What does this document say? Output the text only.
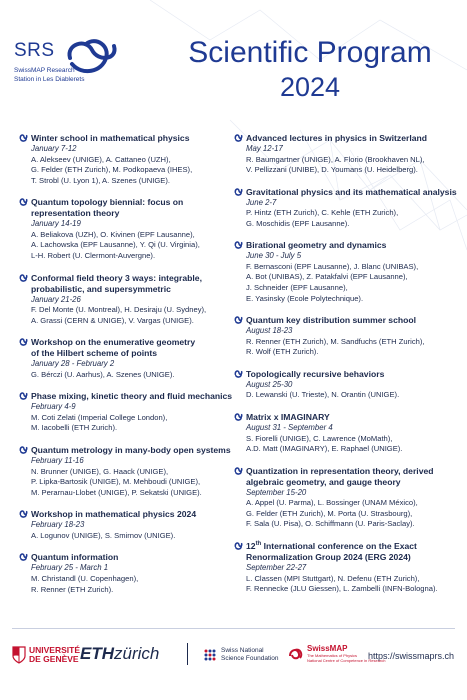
SRS
SwissMAP Research
Station in Les Diablerets
Scientific Program
2024
Winter school in mathematical physics
January 7-12
A. Alekseev (UNIGE), A. Cattaneo (UZH),
G. Felder (ETH Zurich), M. Podkopaeva (IHES),
T. Strobl (U. Lyon 1), A. Szenes (UNIGE).
Quantum topology biennial: focus on
representation theory
January 14-19
A. Beliakova (UZH), O. Kivinen (EPF Lausanne),
A. Lachowska (EPF Lausanne), Y. Qi (U. Virginia),
L-H. Robert (U. Clermont-Auvergne).
Conformal field theory 3 ways: integrable,
probabilistic, and supersymmetric
January 21-26
F. Del Monte (U. Montreal), H. Desiraju (U. Sydney),
A. Grassi (CERN & UNIGE), V. Vargas (UNIGE).
Workshop on the enumerative geometry
of the Hilbert scheme of points
January 28 - February 2
G. Bérczi (U. Aarhus), A. Szenes (UNIGE).
Phase mixing, kinetic theory and fluid mechanics
February 4-9
M. Coti Zelati (Imperial College London),
M. Iacobelli (ETH Zurich).
Quantum metrology in many-body open systems
February 11-16
N. Brunner (UNIGE), G. Haack (UNIGE),
P. Lipka-Bartosik (UNIGE), M. Mehboudi (UNIGE),
M. Perarnau-Llobet (UNIGE), P. Sekatski (UNIGE).
Workshop in mathematical physics 2024
February 18-23
A. Logunov (UNIGE), S. Smirnov (UNIGE).
Quantum information
February 25 - March 1
M. Christandl (U. Copenhagen),
R. Renner (ETH Zurich).
Advanced lectures in physics in Switzerland
May 12-17
R. Baumgartner (UNIGE), A. Florio (Brookhaven NL),
V. Pellizzani (UNIBE), D. Youmans (U. Heidelberg).
Gravitational physics and its mathematical analysis
June 2-7
P. Hintz (ETH Zurich), C. Kehle (ETH Zurich),
G. Moschidis (EPF Lausanne).
Birational geometry and dynamics
June 30 - July 5
F. Bernasconi (EPF Lausanne), J. Blanc (UNIBAS),
A. Bot (UNIBAS), Z. Patakfalvi (EPF Lausanne),
J. Schneider (EPF Lausanne),
E. Yasinsky (Ecole Polytechnique).
Quantum key distribution summer school
August 18-23
R. Renner (ETH Zurich), M. Sandfuchs (ETH Zurich),
R. Wolf (ETH Zurich).
Topologically recursive behaviors
August 25-30
D. Lewanski (U. Trieste), N. Orantin (UNIGE).
Matrix x IMAGINARY
August 31 - September 4
S. Fiorelli (UNIGE), C. Lawrence (MoMath),
A.D. Matt (IMAGINARY), E. Raphael (UNIGE).
Quantization in representation theory, derived
algebraic geometry, and gauge theory
September 15-20
A. Appel (U. Parma), L. Bossinger (UNAM México),
G. Felder (ETH Zurich), M. Porta (U. Strasbourg),
F. Sala (U. Pisa), O. Schiffmann (U. Paris-Saclay).
12th International conference on the Exact
Renormalization Group 2024 (ERG 2024)
September 22-27
L. Classen (MPI Stuttgart), N. Defenu (ETH Zurich),
F. Rennecke (JLU Giessen), L. Zambelli (INFN-Bologna).
UNIVERSITÉ
DE GENÈVE ETHzürich	Swiss National
Science Foundation
SwissMAP
The Mathematics of Physics
National Centre of Competence in Research
https://swissmaprs.ch
